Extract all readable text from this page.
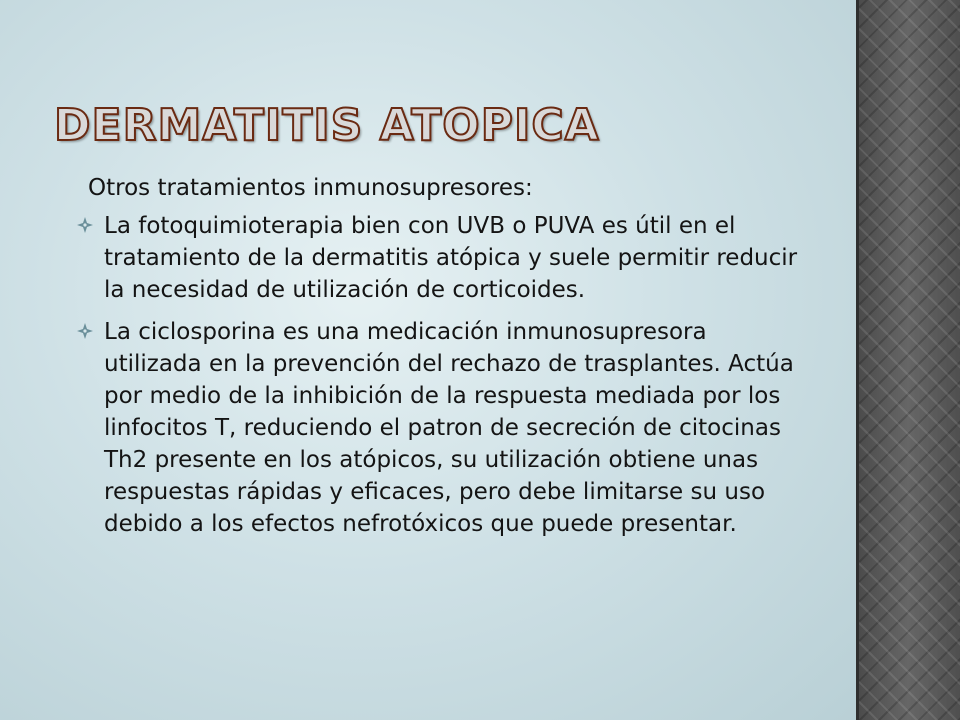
DERMATITIS ATOPICA

Otros tratamientos inmunosupresores:

La fotoquimioterapia bien con UVB o PUVA es útil en el tratamiento de la dermatitis atópica y suele permitir reducir la necesidad de utilización de corticoides.
La ciclosporina es una medicación inmunosupresora utilizada en la prevención del rechazo de trasplantes. Actúa por medio de la inhibición de la respuesta mediada por los linfocitos T, reduciendo el patron de secreción de citocinas Th2 presente en los atópicos, su utilización obtiene unas respuestas rápidas y eficaces, pero debe limitarse su uso debido a los efectos nefrotóxicos que puede presentar.
